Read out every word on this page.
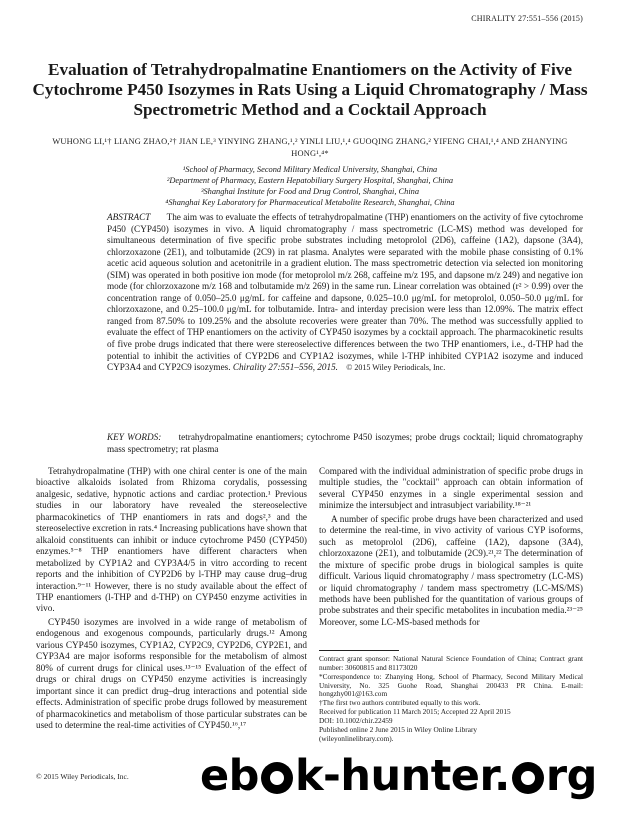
CHIRALITY 27:551–556 (2015)
Evaluation of Tetrahydropalmatine Enantiomers on the Activity of Five Cytochrome P450 Isozymes in Rats Using a Liquid Chromatography / Mass Spectrometric Method and a Cocktail Approach
WUHONG LI,¹† LIANG ZHAO,²† JIAN LE,³ YINYING ZHANG,¹,² YINLI LIU,¹,⁴ GUOQING ZHANG,² YIFENG CHAI,¹,⁴ AND ZHANYING HONG¹,⁴*
¹School of Pharmacy, Second Military Medical University, Shanghai, China
²Department of Pharmacy, Eastern Hepatobiliary Surgery Hospital, Shanghai, China
³Shanghai Institute for Food and Drug Control, Shanghai, China
⁴Shanghai Key Laboratory for Pharmaceutical Metabolite Research, Shanghai, China
ABSTRACT The aim was to evaluate the effects of tetrahydropalmatine (THP) enantiomers on the activity of five cytochrome P450 (CYP450) isozymes in vivo. A liquid chromatography / mass spectrometric (LC-MS) method was developed for simultaneous determination of five specific probe substrates including metoprolol (2D6), caffeine (1A2), dapsone (3A4), chlorzoxazone (2E1), and tolbutamide (2C9) in rat plasma. Analytes were separated with the mobile phase consisting of 0.1% acetic acid aqueous solution and acetonitrile in a gradient elution. The mass spectrometric detection via selected ion monitoring (SIM) was operated in both positive ion mode (for metoprolol m/z 268, caffeine m/z 195, and dapsone m/z 249) and negative ion mode (for chlorzoxazone m/z 168 and tolbutamide m/z 269) in the same run. Linear correlation was obtained (r² > 0.99) over the concentration range of 0.050–25.0 μg/mL for caffeine and dapsone, 0.025–10.0 μg/mL for metoprolol, 0.050–50.0 μg/mL for chlorzoxazone, and 0.25–100.0 μg/mL for tolbutamide. Intra- and interday precision were less than 12.09%. The matrix effect ranged from 87.50% to 109.25% and the absolute recoveries were greater than 70%. The method was successfully applied to evaluate the effect of THP enantiomers on the activity of CYP450 isozymes by a cocktail approach. The pharmacokinetic results of five probe drugs indicated that there were stereoselective differences between the two THP enantiomers, i.e., d-THP had the potential to inhibit the activities of CYP2D6 and CYP1A2 isozymes, while l-THP inhibited CYP1A2 isozyme and induced CYP3A4 and CYP2C9 isozymes. Chirality 27:551–556, 2015. © 2015 Wiley Periodicals, Inc.
KEY WORDS: tetrahydropalmatine enantiomers; cytochrome P450 isozymes; probe drugs cocktail; liquid chromatography mass spectrometry; rat plasma

Tetrahydropalmatine (THP) with one chiral center is one of the main bioactive alkaloids isolated from Rhizoma corydalis, possessing analgesic, sedative, hypnotic actions and cardiac protection.¹ Previous studies in our laboratory have revealed the stereoselective pharmacokinetics of THP enantiomers in rats and dogs²,³ and the stereoselective excretion in rats.⁴ Increasing publications have shown that alkaloid constituents can inhibit or induce cytochrome P450 (CYP450) enzymes.⁵⁻⁸ THP enantiomers have different characters when metabolized by CYP1A2 and CYP3A4/5 in vitro according to recent reports and the inhibition of CYP2D6 by l-THP may cause drug–drug interaction.⁹⁻¹¹ However, there is no study available about the effect of THP enantiomers (l-THP and d-THP) on CYP450 enzyme activities in vivo.

CYP450 isozymes are involved in a wide range of metabolism of endogenous and exogenous compounds, particularly drugs.¹² Among various CYP450 isozymes, CYP1A2, CYP2C9, CYP2D6, CYP2E1, and CYP3A4 are major isoforms responsible for the metabolism of almost 80% of current drugs for clinical uses.¹³⁻¹⁵ Evaluation of the effect of drugs or chiral drugs on CYP450 enzyme activities is increasingly important since it can predict drug–drug interactions and potential side effects. Administration of specific probe drugs followed by measurement of pharmacokinetics and metabolism of those particular substrates can be used to determine the real-time activities of CYP450.¹⁶,¹⁷

Compared with the individual administration of specific probe drugs in multiple studies, the "cocktail" approach can obtain information of several CYP450 enzymes in a single experimental session and minimize the intersubject and intrasubject variability.¹⁸⁻²¹

A number of specific probe drugs have been characterized and used to determine the real-time, in vivo activity of various CYP isoforms, such as metoprolol (2D6), caffeine (1A2), dapsone (3A4), chlorzoxazone (2E1), and tolbutamide (2C9).²¹,²² The determination of the mixture of specific probe drugs in biological samples is quite difficult. Various liquid chromatography / mass spectrometry (LC-MS) or liquid chromatography / tandem mass spectrometry (LC-MS/MS) methods have been published for the quantitation of various groups of probe substrates and their specific metabolites in incubation media.²³⁻²⁵ Moreover, some LC-MS-based methods for

Contract grant sponsor: National Natural Science Foundation of China; Contract grant number: 30600815 and 81173020
*Correspondence to: Zhanying Hong, School of Pharmacy, Second Military Medical University, No. 325 Guohe Road, Shanghai 200433 PR China. E-mail: hongzhy001@163.com
†The first two authors contributed equally to this work.
Received for publication 11 March 2015; Accepted 22 April 2015
DOI: 10.1002/chir.22459
Published online 2 June 2015 in Wiley Online Library
(wileyonlinelibrary.com).
© 2015 Wiley Periodicals, Inc. eb k-hunter. rg
